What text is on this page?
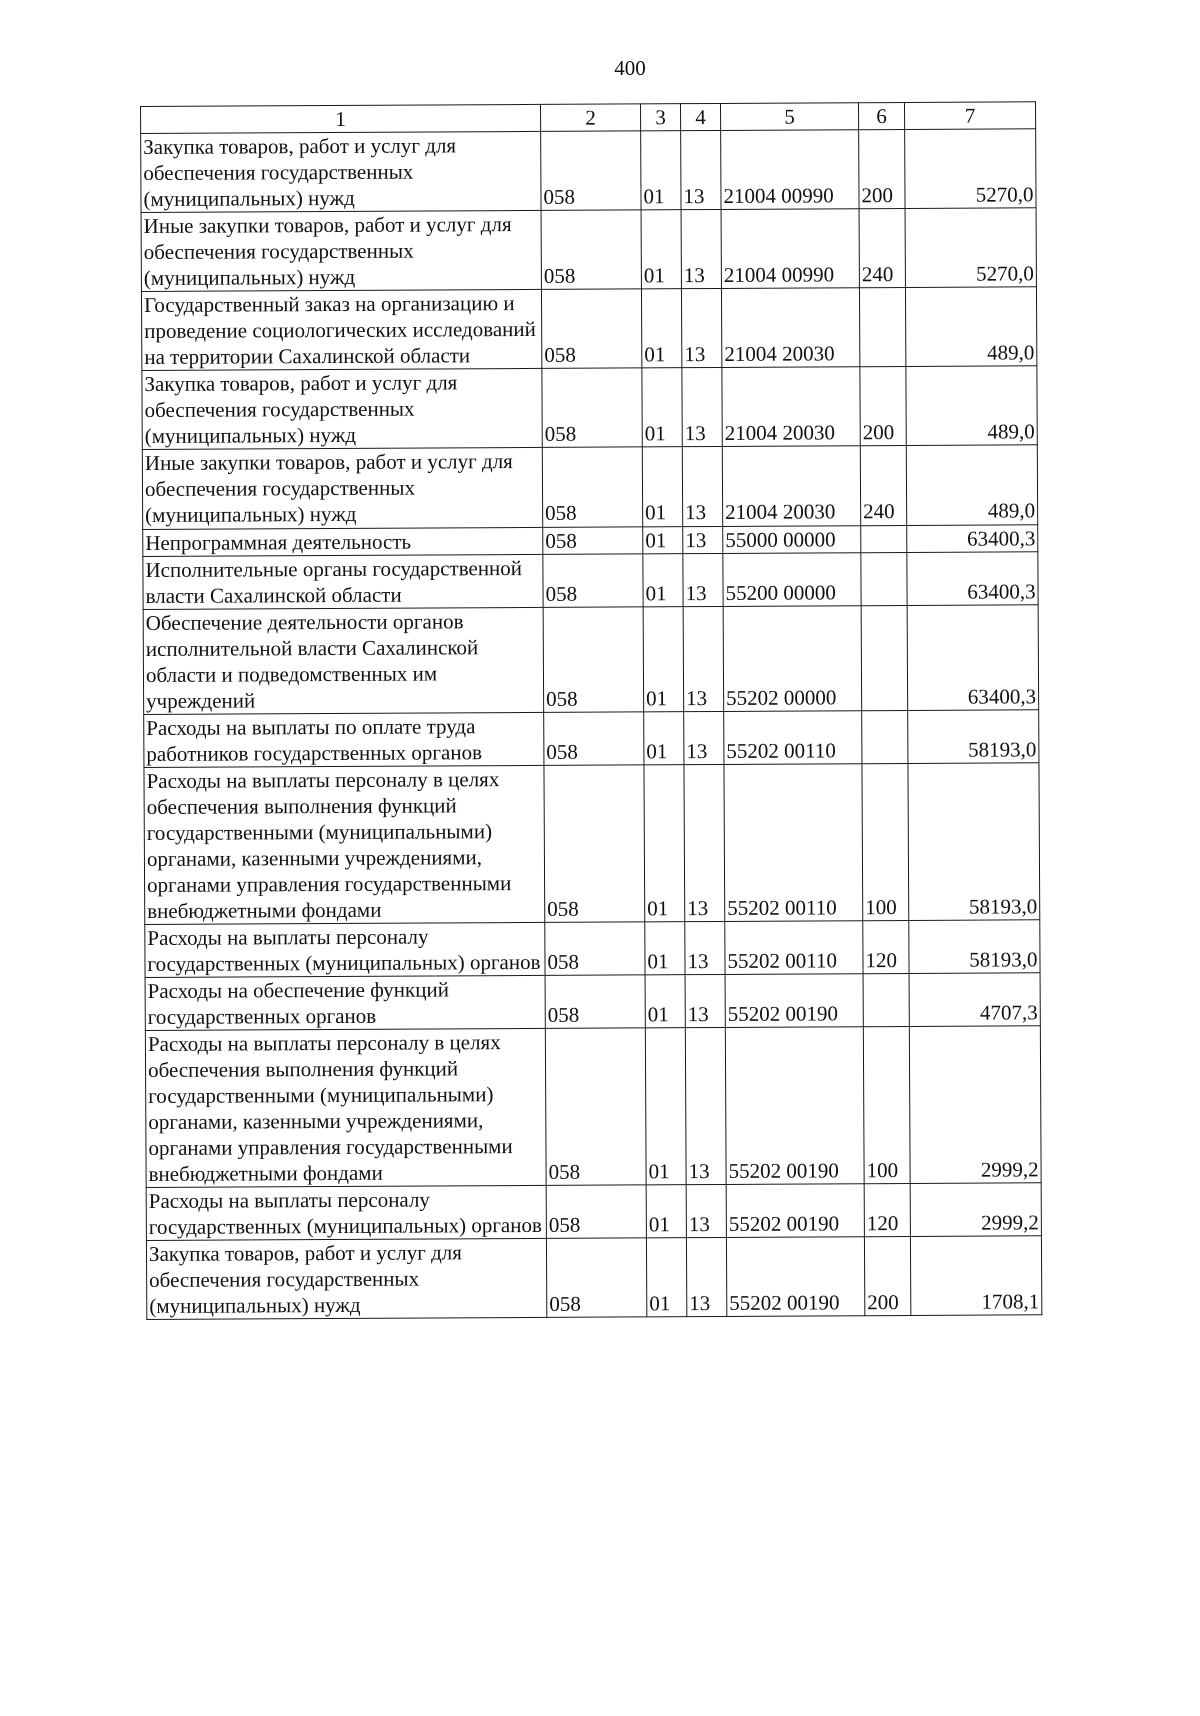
400
1	2	3	4	5	6	7
Закупка товаров, работ и услуг для обеспечения государственных (муниципальных) нужд	058	01	13	21004 00990	200	5270,0
Иные закупки товаров, работ и услуг для обеспечения государственных (муниципальных) нужд	058	01	13	21004 00990	240	5270,0
Государственный заказ на организацию и проведение социологических исследований на территории Сахалинской области	058	01	13	21004 20030		489,0
Закупка товаров, работ и услуг для обеспечения государственных (муниципальных) нужд	058	01	13	21004 20030	200	489,0
Иные закупки товаров, работ и услуг для обеспечения государственных (муниципальных) нужд	058	01	13	21004 20030	240	489,0
Непрограммная деятельность	058	01	13	55000 00000		63400,3
Исполнительные органы государственной власти Сахалинской области	058	01	13	55200 00000		63400,3
Обеспечение деятельности органов исполнительной власти Сахалинской области и подведомственных им учреждений	058	01	13	55202 00000		63400,3
Расходы на выплаты по оплате труда работников государственных органов	058	01	13	55202 00110		58193,0
Расходы на выплаты персоналу в целях обеспечения выполнения функций государственными (муниципальными) органами, казенными учреждениями, органами управления государственными внебюджетными фондами	058	01	13	55202 00110	100	58193,0
Расходы на выплаты персоналу государственных (муниципальных) органов	058	01	13	55202 00110	120	58193,0
Расходы на обеспечение функций государственных органов	058	01	13	55202 00190		4707,3
Расходы на выплаты персоналу в целях обеспечения выполнения функций государственными (муниципальными) органами, казенными учреждениями, органами управления государственными внебюджетными фондами	058	01	13	55202 00190	100	2999,2
Расходы на выплаты персоналу государственных (муниципальных) органов	058	01	13	55202 00190	120	2999,2
Закупка товаров, работ и услуг для обеспечения государственных (муниципальных) нужд	058	01	13	55202 00190	200	1708,1
